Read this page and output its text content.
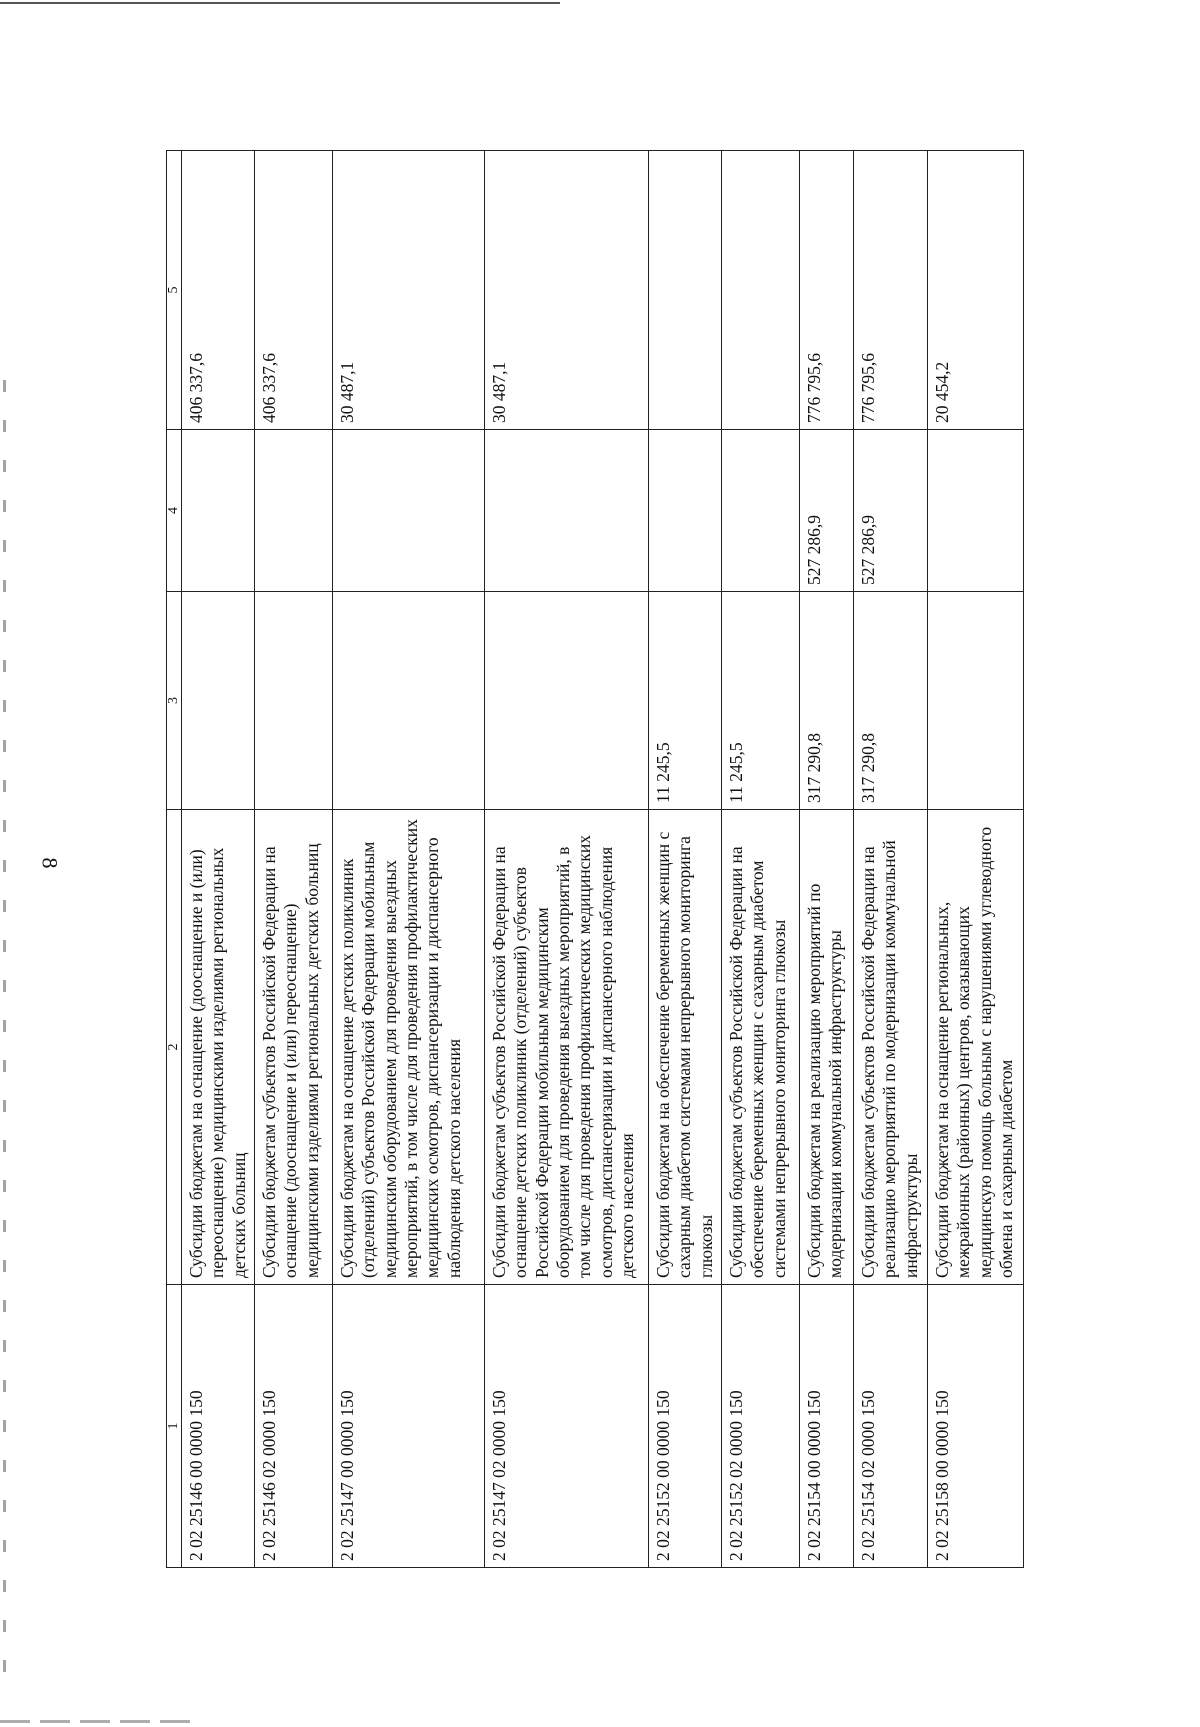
8
1	2	3	4	5
2 02 25146 00 0000 150	Субсидии бюджетам на оснащение (дооснащение и (или) переоснащение) медицинскими изделиями региональных детских больниц			406 337,6
2 02 25146 02 0000 150	Субсидии бюджетам субъектов Российской Федерации на оснащение (дооснащение и (или) переоснащение) медицинскими изделиями региональных детских больниц			406 337,6
2 02 25147 00 0000 150	Субсидии бюджетам на оснащение детских поликлиник (отделений) субъектов Российской Федерации мобильным медицинским оборудованием для проведения выездных мероприятий, в том числе для проведения профилактических медицинских осмотров, диспансеризации и диспансерного наблюдения детского населения			30 487,1
2 02 25147 02 0000 150	Субсидии бюджетам субъектов Российской Федерации на оснащение детских поликлиник (отделений) субъектов Российской Федерации мобильным медицинским оборудованием для проведения выездных мероприятий, в том числе для проведения профилактических медицинских осмотров, диспансеризации и диспансерного наблюдения детского населения			30 487,1
2 02 25152 00 0000 150	Субсидии бюджетам на обеспечение беременных женщин с сахарным диабетом системами непрерывного мониторинга глюкозы	11 245,5		
2 02 25152 02 0000 150	Субсидии бюджетам субъектов Российской Федерации на обеспечение беременных женщин с сахарным диабетом системами непрерывного мониторинга глюкозы	11 245,5		
2 02 25154 00 0000 150	Субсидии бюджетам на реализацию мероприятий по модернизации коммунальной инфраструктуры	317 290,8	527 286,9	776 795,6
2 02 25154 02 0000 150	Субсидии бюджетам субъектов Российской Федерации на реализацию мероприятий по модернизации коммунальной инфраструктуры	317 290,8	527 286,9	776 795,6
2 02 25158 00 0000 150	Субсидии бюджетам на оснащение региональных, межрайонных (районных) центров, оказывающих медицинскую помощь больным с нарушениями углеводного обмена и сахарным диабетом			20 454,2
